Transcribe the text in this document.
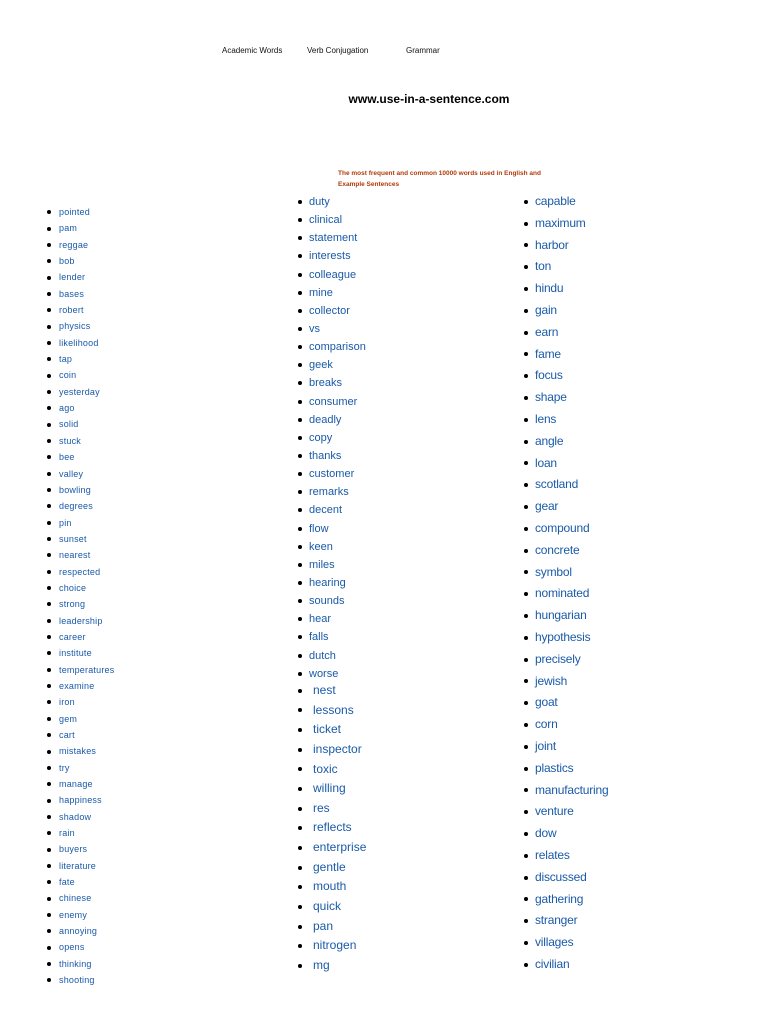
Academic Words	Verb Conjugation	Grammar
www.use-in-a-sentence.com
The most frequent and common 10000 words used in English and Example Sentences
pointed
pam
reggae
bob
lender
bases
robert
physics
likelihood
tap
coin
yesterday
ago
solid
stuck
bee
valley
bowling
degrees
pin
sunset
nearest
respected
choice
strong
leadership
career
institute
temperatures
examine
iron
gem
cart
mistakes
try
manage
happiness
shadow
rain
buyers
literature
fate
chinese
enemy
annoying
opens
thinking
shooting
duty
clinical
statement
interests
colleague
mine
collector
vs
comparison
geek
breaks
consumer
deadly
copy
thanks
customer
remarks
decent
flow
keen
miles
hearing
sounds
hear
falls
dutch
worse
nest
lessons
ticket
inspector
toxic
willing
res
reflects
enterprise
gentle
mouth
quick
pan
nitrogen
mg
capable
maximum
harbor
ton
hindu
gain
earn
fame
focus
shape
lens
angle
loan
scotland
gear
compound
concrete
symbol
nominated
hungarian
hypothesis
precisely
jewish
goat
corn
joint
plastics
manufacturing
venture
dow
relates
discussed
gathering
stranger
villages
civilian
